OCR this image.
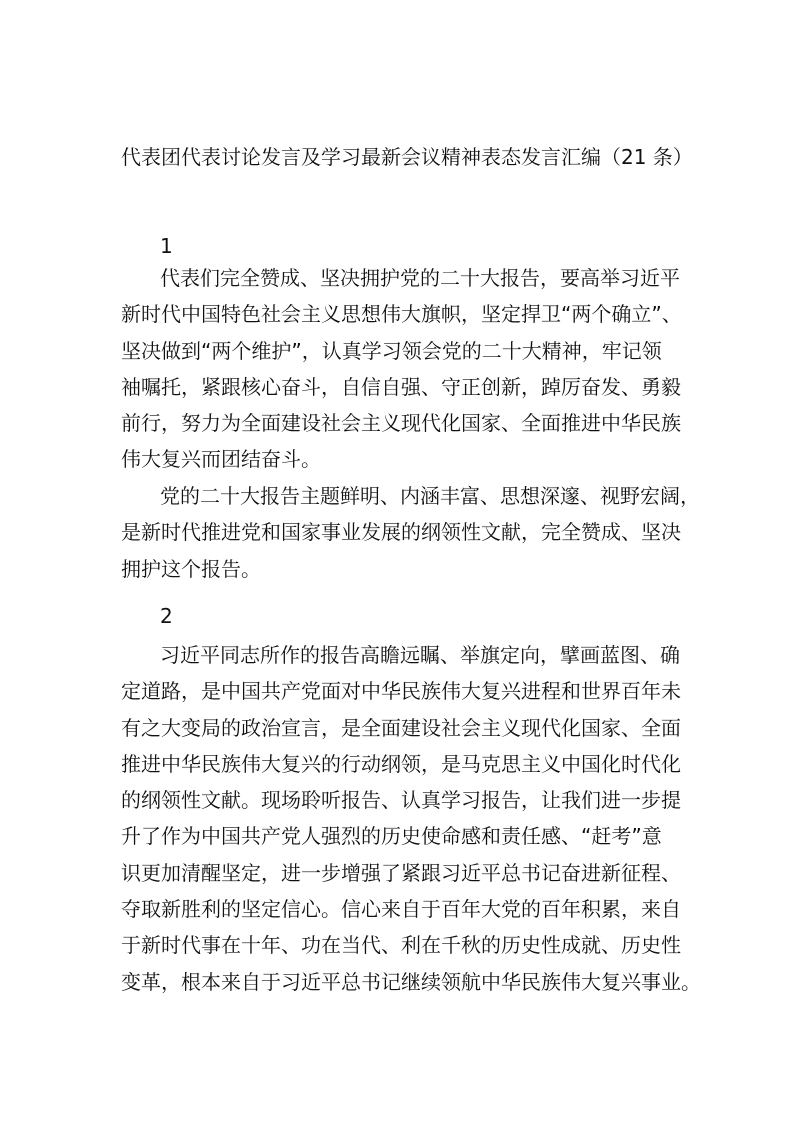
代表团代表讨论发言及学习最新会议精神表态发言汇编（21 条）
1
代表们完全赞成、坚决拥护党的二十大报告，要高举习近平
新时代中国特色社会主义思想伟大旗帜，坚定捍卫“两个确立”、
坚决做到“两个维护”，认真学习领会党的二十大精神，牢记领
袖嘱托，紧跟核心奋斗，自信自强、守正创新，踔厉奋发、勇毅
前行，努力为全面建设社会主义现代化国家、全面推进中华民族
伟大复兴而团结奋斗。
党的二十大报告主题鲜明、内涵丰富、思想深邃、视野宏阔，
是新时代推进党和国家事业发展的纲领性文献，完全赞成、坚决
拥护这个报告。
2
习近平同志所作的报告高瞻远瞩、举旗定向，擘画蓝图、确
定道路，是中国共产党面对中华民族伟大复兴进程和世界百年未
有之大变局的政治宣言，是全面建设社会主义现代化国家、全面
推进中华民族伟大复兴的行动纲领，是马克思主义中国化时代化
的纲领性文献。现场聆听报告、认真学习报告，让我们进一步提
升了作为中国共产党人强烈的历史使命感和责任感、“赶考”意
识更加清醒坚定，进一步增强了紧跟习近平总书记奋进新征程、
夺取新胜利的坚定信心。信心来自于百年大党的百年积累，来自
于新时代事在十年、功在当代、利在千秋的历史性成就、历史性
变革，根本来自于习近平总书记继续领航中华民族伟大复兴事业。
